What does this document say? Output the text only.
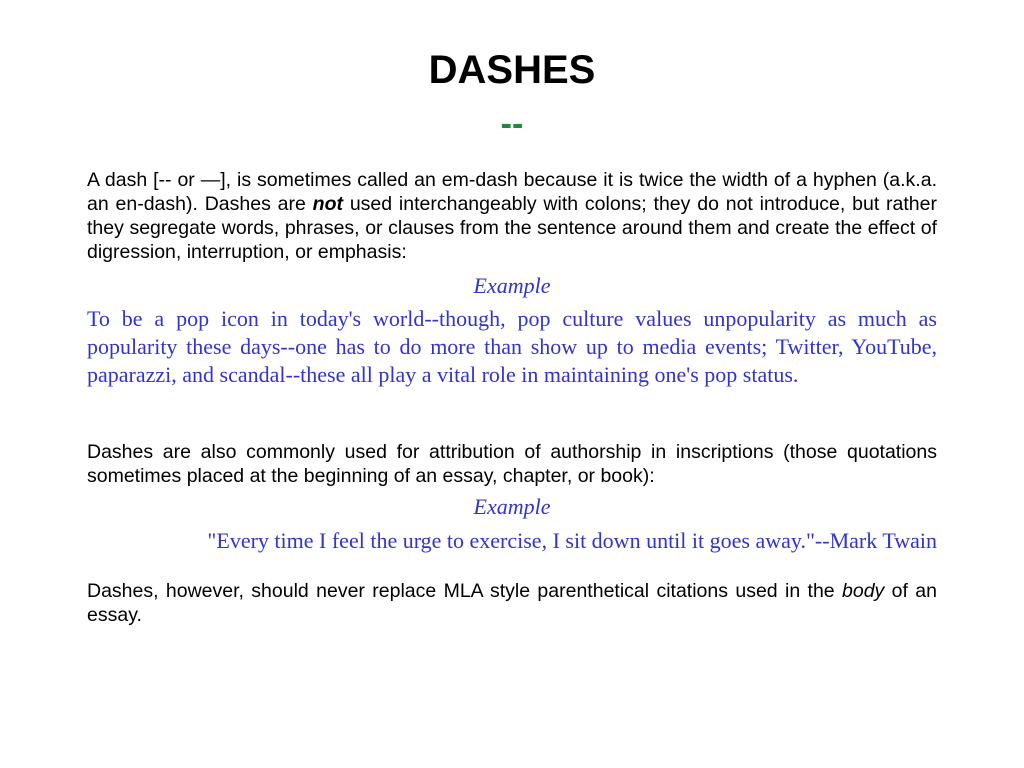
DASHES
--

A dash [-- or —], is sometimes called an em-dash because it is twice the width of a hyphen (a.k.a. an en-dash). Dashes are not used interchangeably with colons; they do not introduce, but rather they segregate words, phrases, or clauses from the sentence around them and create the effect of digression, interruption, or emphasis:

Example

To be a pop icon in today's world--though, pop culture values unpopularity as much as popularity these days--one has to do more than show up to media events; Twitter, YouTube, paparazzi, and scandal--these all play a vital role in maintaining one's pop status.

Dashes are also commonly used for attribution of authorship in inscriptions (those quotations sometimes placed at the beginning of an essay, chapter, or book):

Example

"Every time I feel the urge to exercise, I sit down until it goes away."--Mark Twain

Dashes, however, should never replace MLA style parenthetical citations used in the body of an essay.
